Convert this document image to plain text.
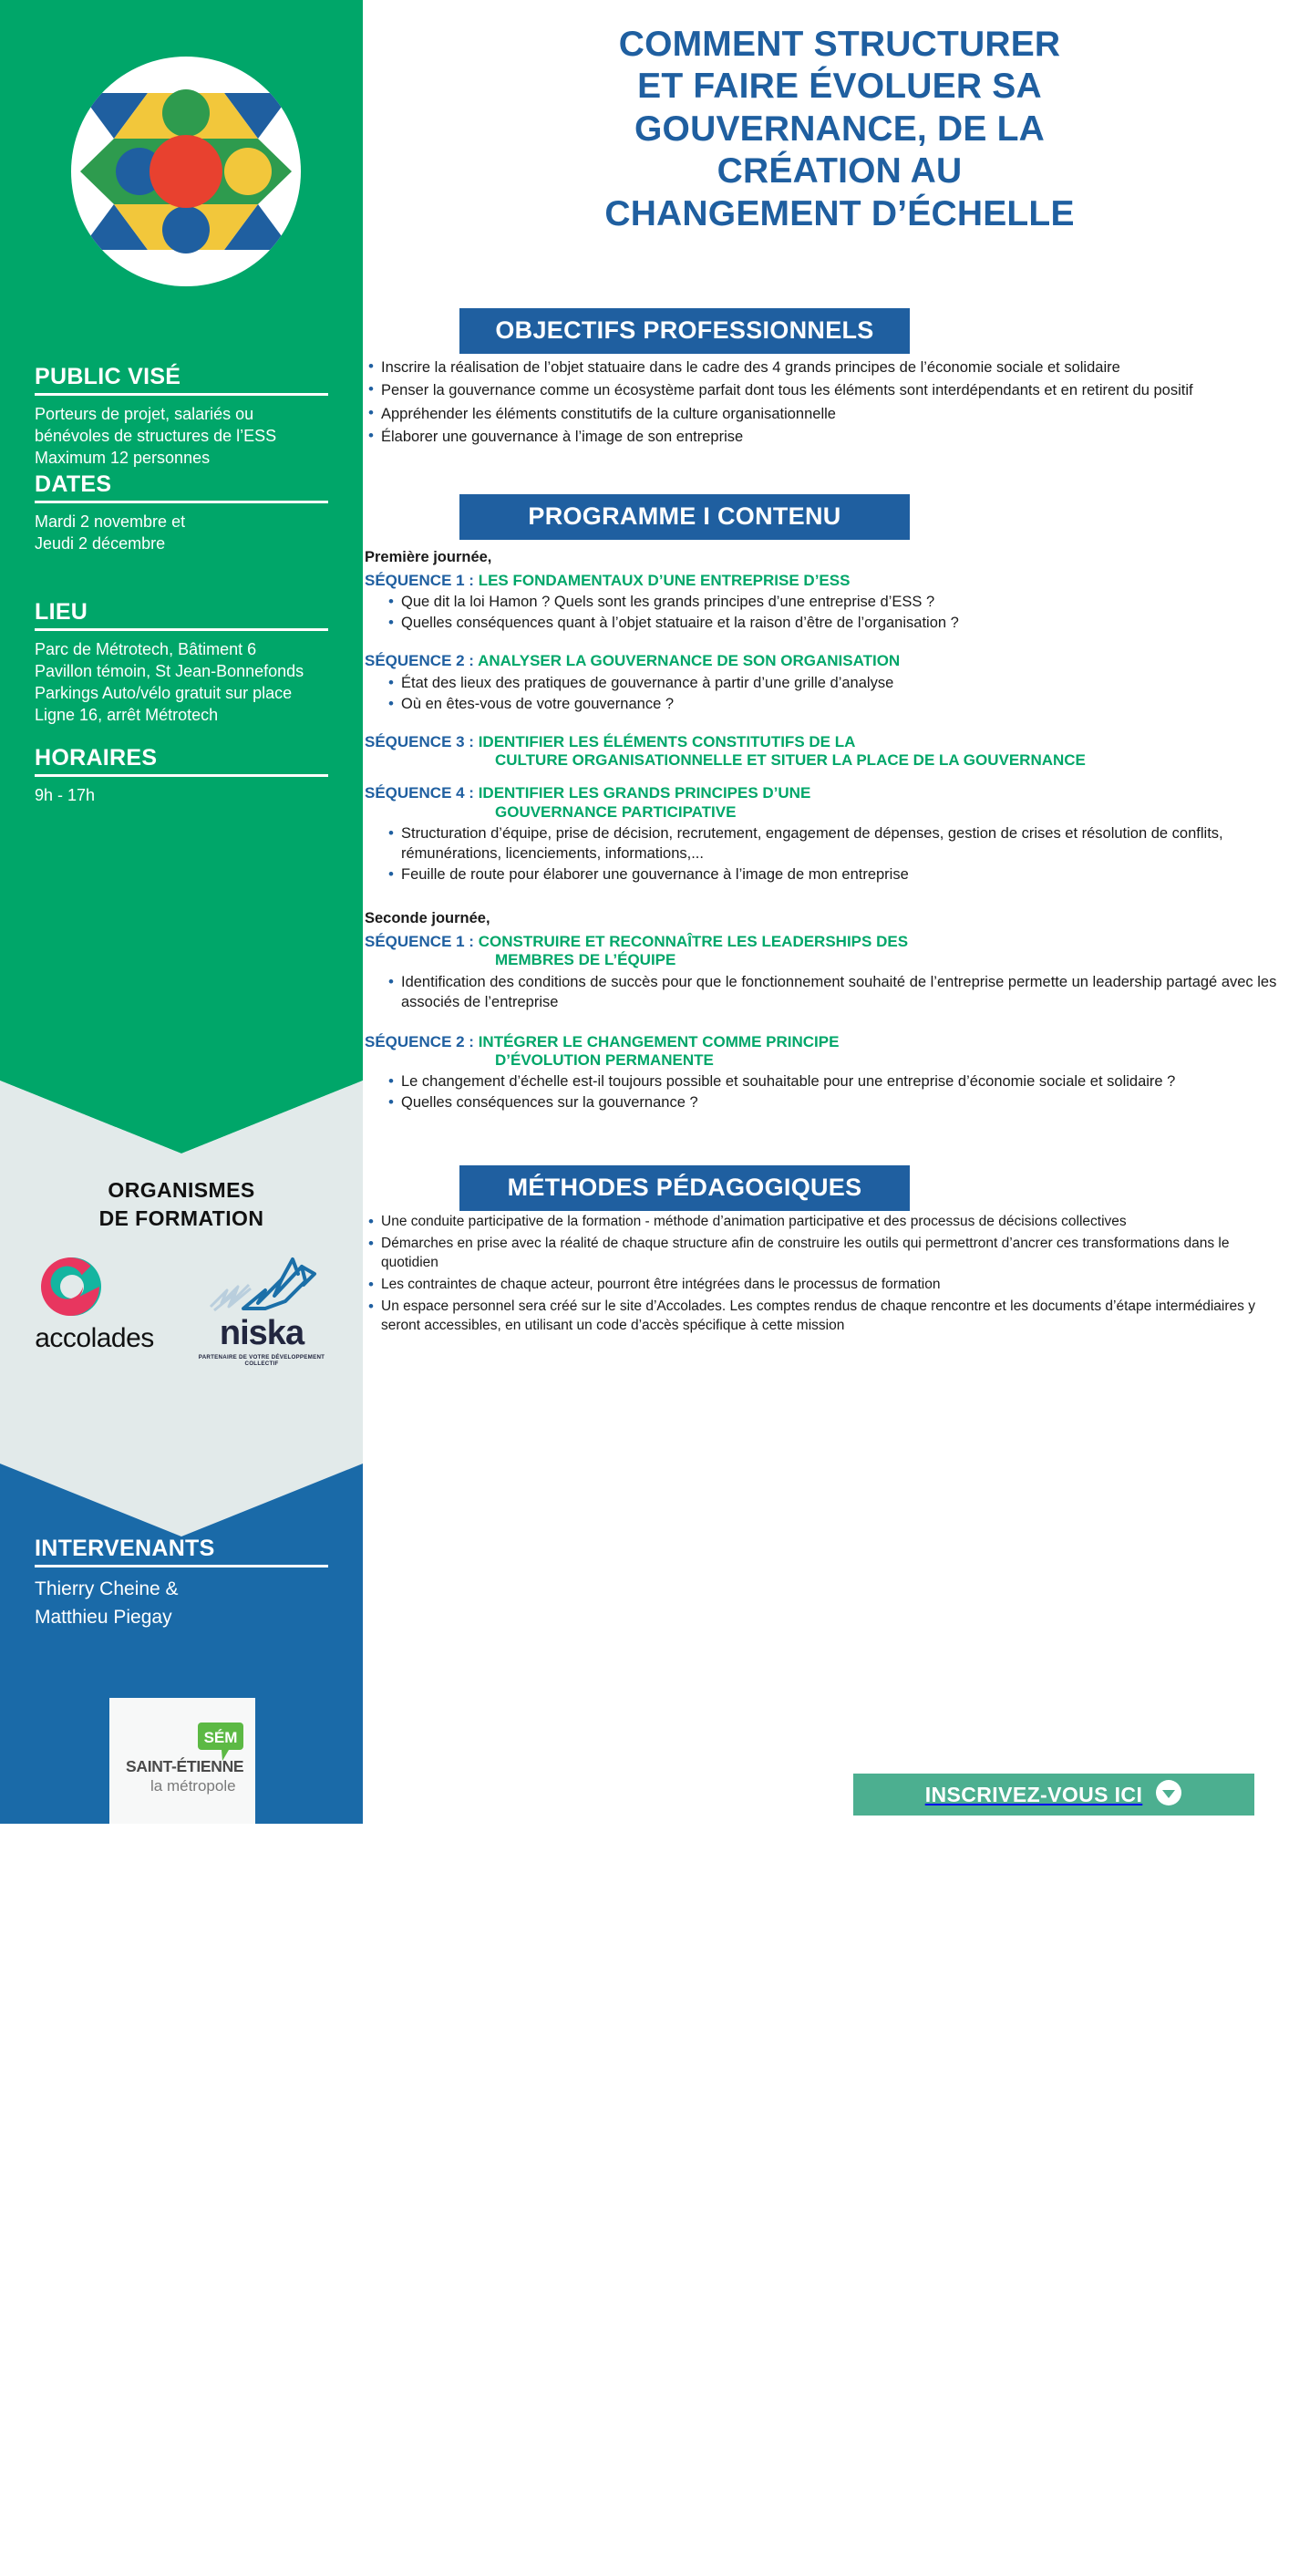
PUBLIC VISÉ

Porteurs de projet, salariés ou

bénévoles de structures de l’ESS

Maximum 12 personnes

DATES

Mardi 2 novembre et

Jeudi 2 décembre

LIEU

Parc de Métrotech, Bâtiment 6

Pavillon témoin, St Jean-Bonnefonds

Parkings Auto/vélo gratuit sur place

Ligne 16, arrêt Métrotech

HORAIRES

9h - 17h

ORGANISMES
DE FORMATION
accolades	niska
PARTENAIRE DE VOTRE DÉVELOPPEMENT COLLECTIF
INTERVENANTS

Thierry Cheine &

Matthieu Piegay

SÉM
SAINT-ÉTIENNE
la métropole
COMMENT STRUCTURER
ET FAIRE ÉVOLUER SA
GOUVERNANCE, DE LA
CRÉATION AU
CHANGEMENT D’ÉCHELLE
OBJECTIFS PROFESSIONNELS
• Inscrire la réalisation de l’objet statuaire dans le cadre des 4 grands principes de l’économie sociale et solidaire
• Penser la gouvernance comme un écosystème parfait dont tous les éléments sont interdépendants et en retirent du positif
• Appréhender les éléments constitutifs de la culture organisationnelle
• Élaborer une gouvernance à l’image de son entreprise
PROGRAMME I CONTENU
Première journée,
SÉQUENCE 1 : LES FONDAMENTAUX D’UNE ENTREPRISE D’ESS
• Que dit la loi Hamon ? Quels sont les grands principes d’une entreprise d’ESS ?
• Quelles conséquences quant à l’objet statuaire et la raison d’être de l’organisation ?
SÉQUENCE 2 : ANALYSER LA GOUVERNANCE DE SON ORGANISATION
• État des lieux des pratiques de gouvernance à partir d’une grille d’analyse
• Où en êtes-vous de votre gouvernance ?
SÉQUENCE 3 : IDENTIFIER LES ÉLÉMENTS CONSTITUTIFS DE LA
CULTURE ORGANISATIONNELLE ET SITUER LA PLACE DE LA GOUVERNANCE
SÉQUENCE 4 : IDENTIFIER LES GRANDS PRINCIPES D’UNE
GOUVERNANCE PARTICIPATIVE
• Structuration d’équipe, prise de décision, recrutement, engagement de dépenses, gestion de crises et résolution de conflits, rémunérations, licenciements, informations,...
• Feuille de route pour élaborer une gouvernance à l’image de mon entreprise
Seconde journée,
SÉQUENCE 1 : CONSTRUIRE ET RECONNAÎTRE LES LEADERSHIPS DES
MEMBRES DE L’ÉQUIPE
• Identification des conditions de succès pour que le fonctionnement souhaité de l’entreprise permette un leadership partagé avec les associés de l’entreprise
SÉQUENCE 2 : INTÉGRER LE CHANGEMENT COMME PRINCIPE
D’ÉVOLUTION PERMANENTE
• Le changement d’échelle est-il toujours possible et souhaitable pour une entreprise d’économie sociale et solidaire ?
• Quelles conséquences sur la gouvernance ?
MÉTHODES PÉDAGOGIQUES
• Une conduite participative de la formation - méthode d’animation participative et des processus de décisions collectives
• Démarches en prise avec la réalité de chaque structure afin de construire les outils qui permettront d’ancrer ces transformations dans le quotidien
• Les contraintes de chaque acteur, pourront être intégrées dans le processus de formation
• Un espace personnel sera créé sur le site d’Accolades. Les comptes rendus de chaque rencontre et les documents d’étape intermédiaires y seront accessibles, en utilisant un code d’accès spécifique à cette mission
INSCRIVEZ-VOUS ICI
